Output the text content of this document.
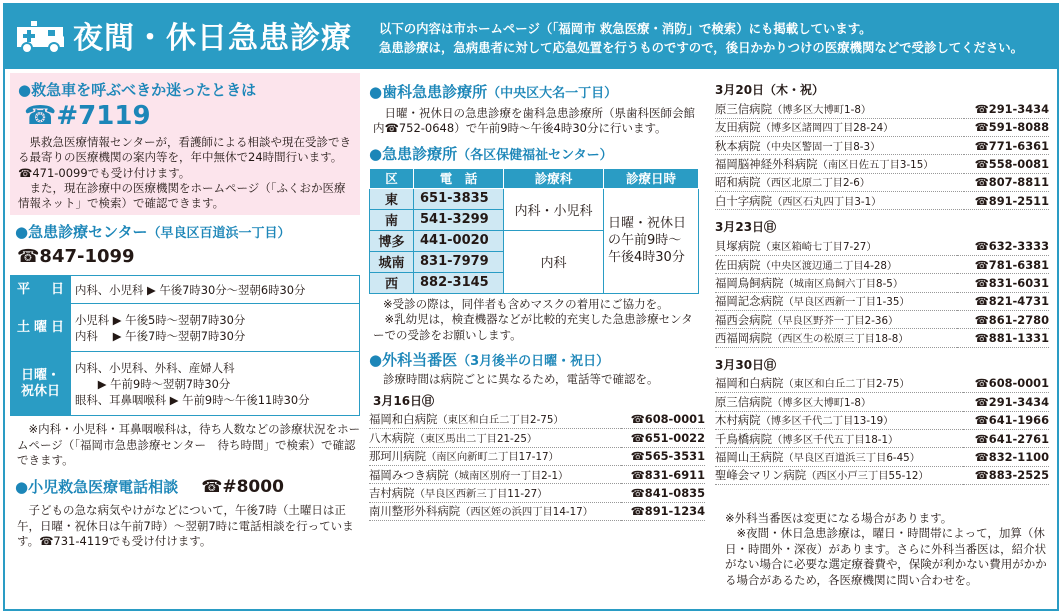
夜間・休日急患診療 以下の内容は市ホームページ（「福岡市 救急医療・消防」で検索）にも掲載しています。
急患診療は，急病患者に対して応急処置を行うものですので，後日かかりつけの医療機関などで受診してください。
●救急車を呼ぶべきか迷ったときは
☎#7119
県救急医療情報センターが，看護師による相談や現在受診できる最寄りの医療機関の案内等を，年中無休で24時間行います。☎471-0099でも受け付けます。
また，現在診療中の医療機関をホームページ（「ふくおか医療情報ネット」で検索）で確認できます。
●急患診療センター（早良区百道浜一丁目）
☎847-1099
平　日	内科、小児科 ▶ 午後7時30分～翌朝6時30分
土曜日	小児科 ▶ 午後5時～翌朝7時30分
内科　 ▶ 午後7時～翌朝7時30分

日曜・祝休日	内科、小児科、外科、産婦人科
　　▶ 午前9時～翌朝7時30分
眼科、耳鼻咽喉科 ▶ 午前9時～午後11時30分
※内科・小児科・耳鼻咽喉科は，待ち人数などの診療状況をホームページ（「福岡市急患診療センター　待ち時間」で検索）で確認できます。
●小児救急医療電話相談 ☎#8000
子どもの急な病気やけがなどについて，午後7時（土曜日は正午，日曜・祝休日は午前7時）～翌朝7時に電話相談を行っています。☎731-4119でも受け付けます。
●歯科急患診療所（中央区大名一丁目）
日曜・祝休日の急患診療を歯科急患診療所（県歯科医師会館内☎752-0648）で午前9時～午後4時30分に行います。
●急患診療所（各区保健福祉センター）
区	電　話	診療科	診療日時
東	651-3835	内科・小児科	日曜・祝休日の午前9時～午後4時30分
南	541-3299		
博多	441-0020	内科	
城南	831-7979		
西	882-3145		
※受診の際は，同伴者も含めマスクの着用にご協力を。
※乳幼児は，検査機器などが比較的充実した急患診療センターでの受診をお願いします。
●外科当番医（3月後半の日曜・祝日）
診療時間は病院ごとに異なるため，電話等で確認を。
3月16日㊐
福岡和白病院（東区和白丘二丁目2-75）	☎608-0001
八木病院（東区馬出二丁目21-25）	☎651-0022
那珂川病院（南区向新町二丁目17-17）	☎565-3531
福岡みつき病院（城南区別府一丁目2-1）	☎831-6911
吉村病院（早良区西新三丁目11-27）	☎841-0835
南川整形外科病院（西区姪の浜四丁目14-17）	☎891-1234
3月20日（木・祝）
原三信病院（博多区大博町1-8）	☎291-3434
友田病院（博多区諸岡四丁目28-24）	☎591-8088
秋本病院（中央区警固一丁目8-3）	☎771-6361
福岡脳神経外科病院（南区日佐五丁目3-15）	☎558-0081
昭和病院（西区北原二丁目2-6）	☎807-8811
白十字病院（西区石丸四丁目3-1）	☎891-2511
3月23日㊐
貝塚病院（東区箱崎七丁目7-27）	☎632-3333
佐田病院（中央区渡辺通二丁目4-28）	☎781-6381
福岡鳥飼病院（城南区鳥飼六丁目8-5）	☎831-6031
福岡記念病院（早良区西新一丁目1-35）	☎821-4731
福西会病院（早良区野芥一丁目2-36）	☎861-2780
西福岡病院（西区生の松原三丁目18-8）	☎881-1331
3月30日㊐
福岡和白病院（東区和白丘二丁目2-75）	☎608-0001
原三信病院（博多区大博町1-8）	☎291-3434
木村病院（博多区千代二丁目13-19）	☎641-1966
千鳥橋病院（博多区千代五丁目18-1）	☎641-2761
福岡山王病院（早良区百道浜三丁目6-45）	☎832-1100
聖峰会マリン病院（西区小戸三丁目55-12）	☎883-2525
※外科当番医は変更になる場合があります。
※夜間・休日急患診療は，曜日・時間帯によって，加算（休日・時間外・深夜）があります。さらに外科当番医は，紹介状がない場合に必要な選定療養費や，保険が利かない費用がかかる場合があるため，各医療機関に問い合わせを。
